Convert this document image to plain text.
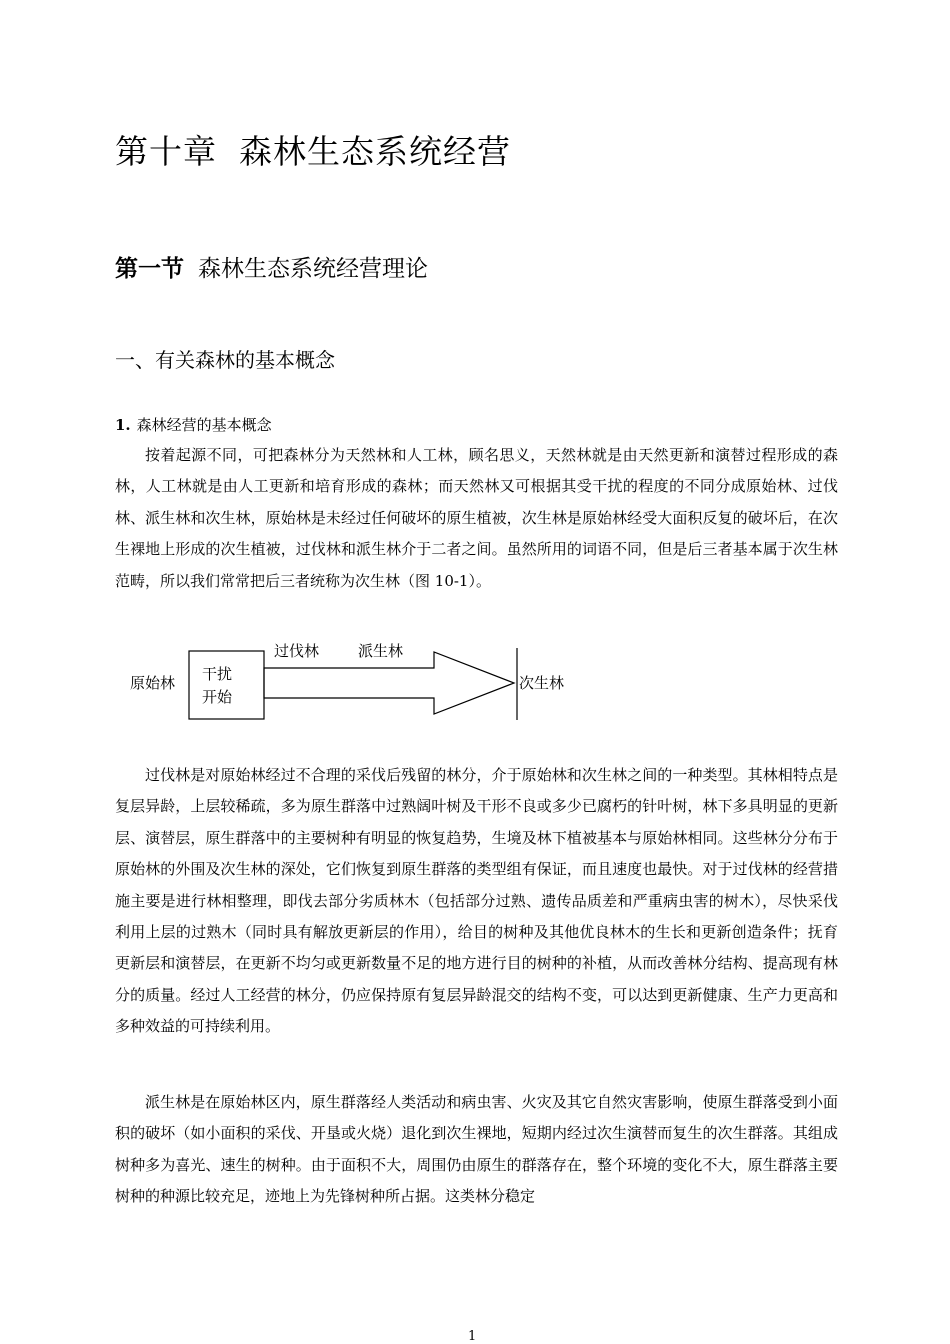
第十章 森林生态系统经营
第一节 森林生态系统经营理论
一、有关森林的基本概念
1. 森林经营的基本概念

按着起源不同，可把森林分为天然林和人工林，顾名思义，天然林就是由天然更新和演替过程形成的森林，人工林就是由人工更新和培育形成的森林；而天然林又可根据其受干扰的程度的不同分成原始林、过伐林、派生林和次生林，原始林是未经过任何破坏的原生植被，次生林是原始林经受大面积反复的破坏后，在次生裸地上形成的次生植被，过伐林和派生林介于二者之间。虽然所用的词语不同，但是后三者基本属于次生林范畴，所以我们常常把后三者统称为次生林（图 10-1）。

原始林 干扰
开始
过伐林	派生林
次生林

过伐林是对原始林经过不合理的采伐后残留的林分，介于原始林和次生林之间的一种类型。其林相特点是复层异龄，上层较稀疏，多为原生群落中过熟阔叶树及干形不良或多少已腐朽的针叶树，林下多具明显的更新层、演替层，原生群落中的主要树种有明显的恢复趋势，生境及林下植被基本与原始林相同。这些林分分布于原始林的外围及次生林的深处，它们恢复到原生群落的类型组有保证，而且速度也最快。对于过伐林的经营措施主要是进行林相整理，即伐去部分劣质林木（包括部分过熟、遗传品质差和严重病虫害的树木），尽快采伐利用上层的过熟木（同时具有解放更新层的作用），给目的树种及其他优良林木的生长和更新创造条件；抚育更新层和演替层，在更新不均匀或更新数量不足的地方进行目的树种的补植，从而改善林分结构、提高现有林分的质量。经过人工经营的林分，仍应保持原有复层异龄混交的结构不变，可以达到更新健康、生产力更高和多种效益的可持续利用。

派生林是在原始林区内，原生群落经人类活动和病虫害、火灾及其它自然灾害影响，使原生群落受到小面积的破坏（如小面积的采伐、开垦或火烧）退化到次生裸地，短期内经过次生演替而复生的次生群落。其组成树种多为喜光、速生的树种。由于面积不大，周围仍由原生的群落存在，整个环境的变化不大，原生群落主要树种的种源比较充足，迹地上为先锋树种所占据。这类林分稳定

1
